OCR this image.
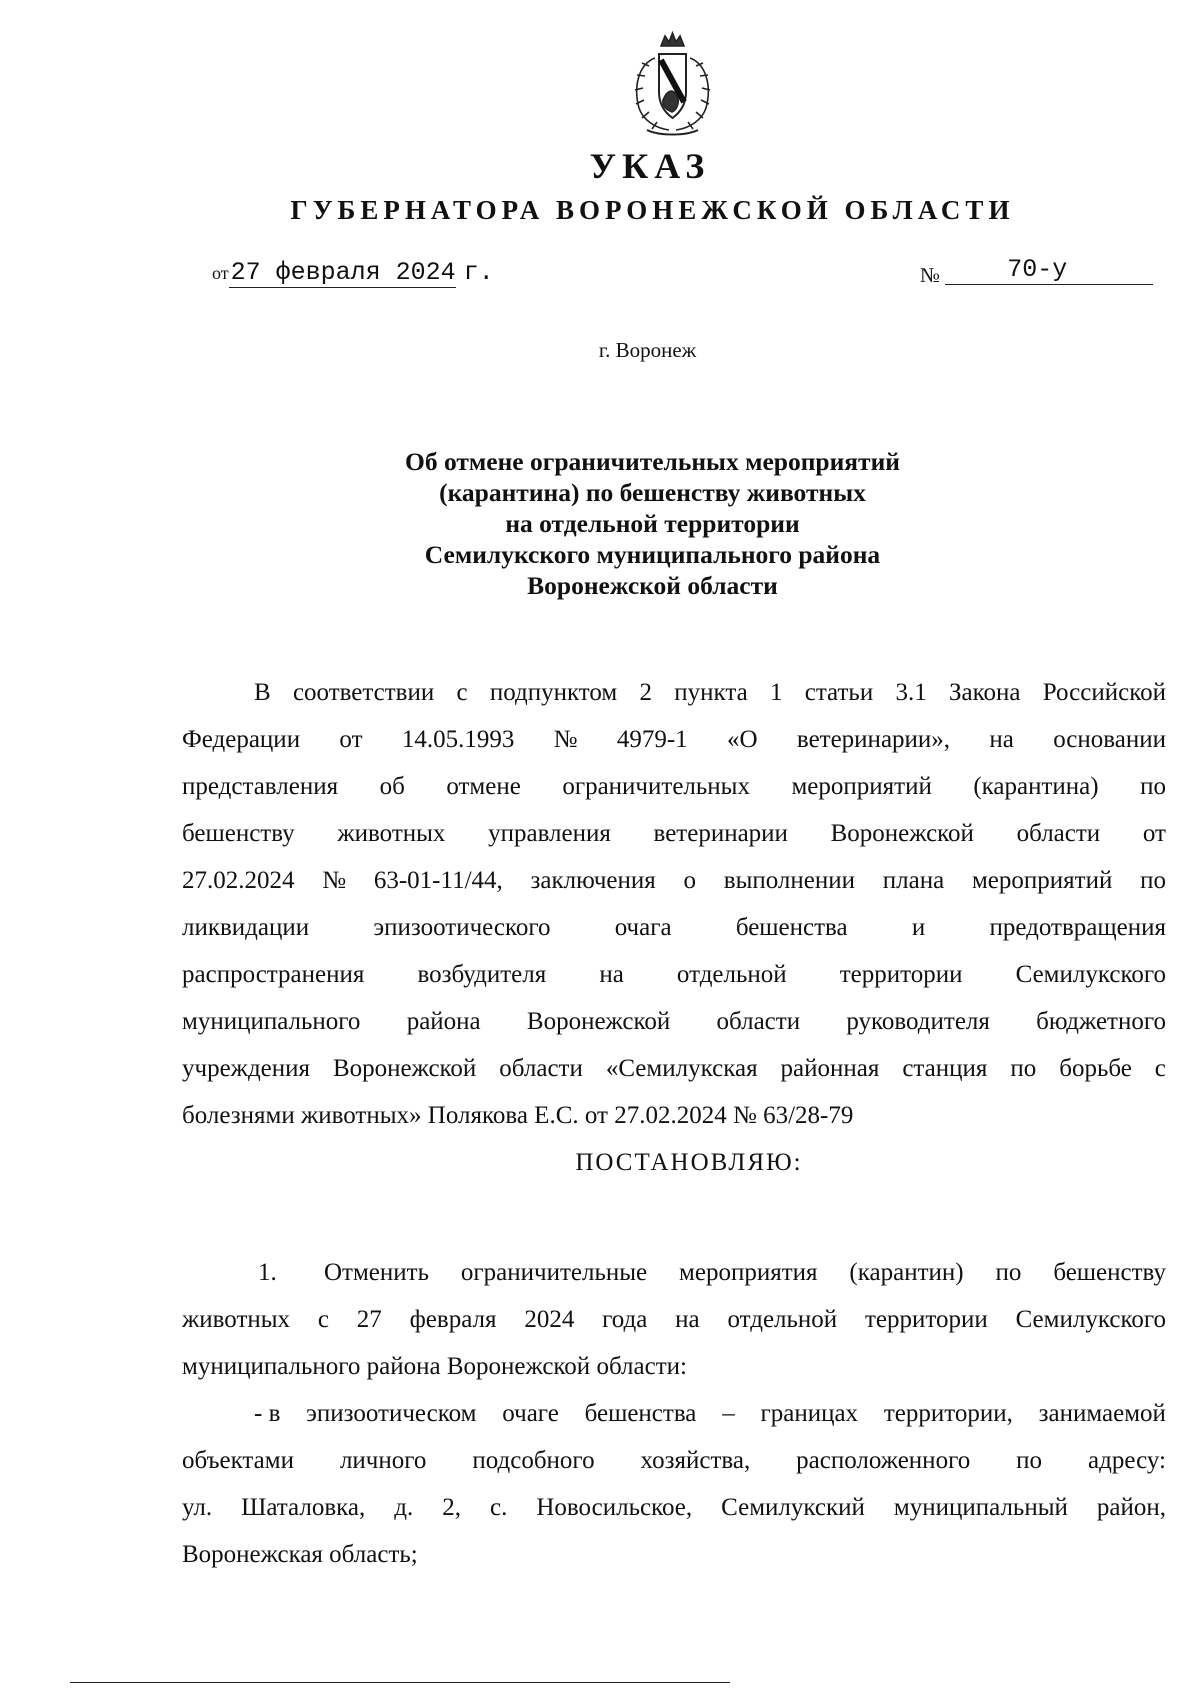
УКАЗ
ГУБЕРНАТОРА ВОРОНЕЖСКОЙ ОБЛАСТИ
от27 февраля 2024 г.	№	70-у
г. Воронеж
Об отмене ограничительных мероприятий
(карантина) по бешенству животных
на отдельной территории
Семилукского муниципального района
Воронежской области
В соответствии с подпунктом 2 пункта 1 статьи 3.1 Закона Российской
Федерации от 14.05.1993 № 4979-1 «О ветеринарии», на основании
представления об отмене ограничительных мероприятий (карантина) по
бешенству животных управления ветеринарии Воронежской области от
27.02.2024 № 63-01-11/44, заключения о выполнении плана мероприятий по
ликвидации	эпизоотического	очага	бешенства	и	предотвращения
распространения возбудителя на отдельной территории Семилукского
муниципального района Воронежской области руководителя бюджетного
учреждения Воронежской области «Семилукская районная станция по борьбе с
болезнями животных» Полякова Е.С. от 27.02.2024 № 63/28-79
ПОСТАНОВЛЯЮ:
1.	Отменить ограничительные мероприятия (карантин) по бешенству
животных с 27 февраля 2024 года на отдельной территории Семилукского
муниципального района Воронежской области:
- в эпизоотическом очаге бешенства – границах территории, занимаемой
объектами личного подсобного хозяйства, расположенного по адресу:
ул. Шаталовка, д. 2, с. Новосильское, Семилукский муниципальный район,
Воронежская область;
